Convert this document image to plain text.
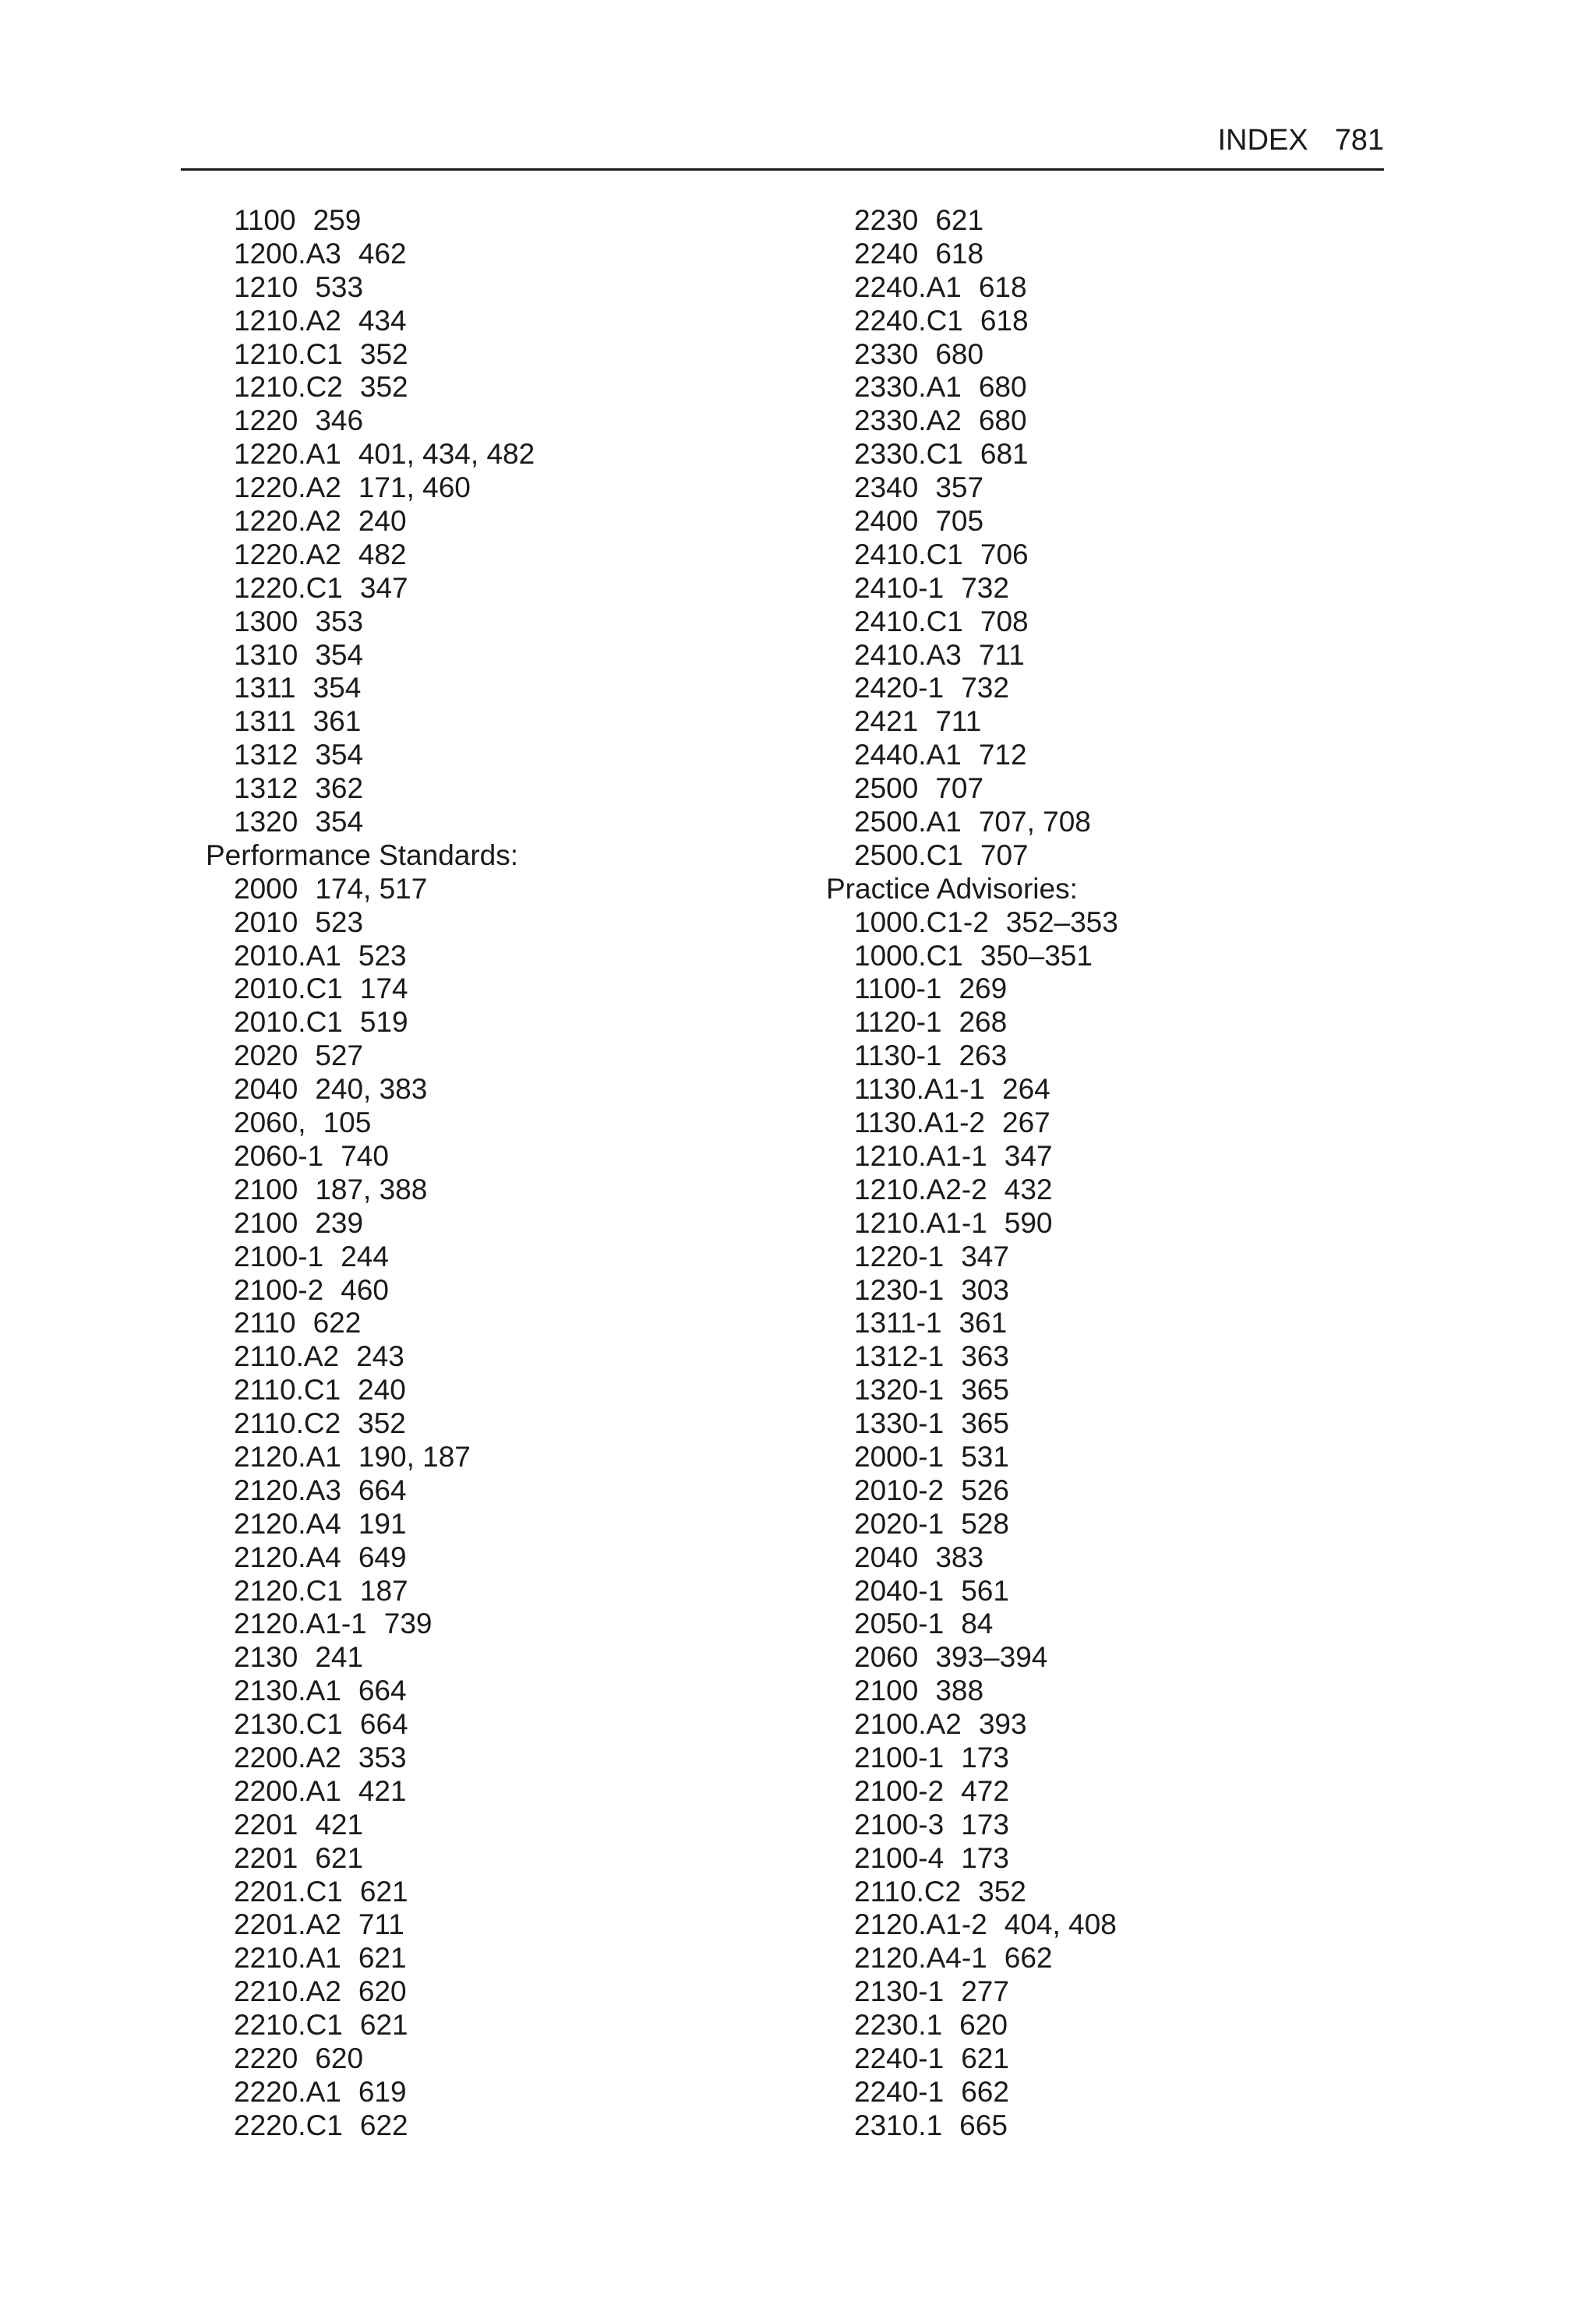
INDEX 781
1100 259
1200.A3 462
1210 533
1210.A2 434
1210.C1 352
1210.C2 352
1220 346
1220.A1 401, 434, 482
1220.A2 171, 460
1220.A2 240
1220.A2 482
1220.C1 347
1300 353
1310 354
1311 354
1311 361
1312 354
1312 362
1320 354
Performance Standards:
2000 174, 517
2010 523
2010.A1 523
2010.C1 174
2010.C1 519
2020 527
2040 240, 383
2060, 105
2060-1 740
2100 187, 388
2100 239
2100-1 244
2100-2 460
2110 622
2110.A2 243
2110.C1 240
2110.C2 352
2120.A1 190, 187
2120.A3 664
2120.A4 191
2120.A4 649
2120.C1 187
2120.A1-1 739
2130 241
2130.A1 664
2130.C1 664
2200.A2 353
2200.A1 421
2201 421
2201 621
2201.C1 621
2201.A2 711
2210.A1 621
2210.A2 620
2210.C1 621
2220 620
2220.A1 619
2220.C1 622
2230 621
2240 618
2240.A1 618
2240.C1 618
2330 680
2330.A1 680
2330.A2 680
2330.C1 681
2340 357
2400 705
2410.C1 706
2410-1 732
2410.C1 708
2410.A3 711
2420-1 732
2421 711
2440.A1 712
2500 707
2500.A1 707, 708
2500.C1 707
Practice Advisories:
1000.C1-2 352–353
1000.C1 350–351
1100-1 269
1120-1 268
1130-1 263
1130.A1-1 264
1130.A1-2 267
1210.A1-1 347
1210.A2-2 432
1210.A1-1 590
1220-1 347
1230-1 303
1311-1 361
1312-1 363
1320-1 365
1330-1 365
2000-1 531
2010-2 526
2020-1 528
2040 383
2040-1 561
2050-1 84
2060 393–394
2100 388
2100.A2 393
2100-1 173
2100-2 472
2100-3 173
2100-4 173
2110.C2 352
2120.A1-2 404, 408
2120.A4-1 662
2130-1 277
2230.1 620
2240-1 621
2240-1 662
2310.1 665
